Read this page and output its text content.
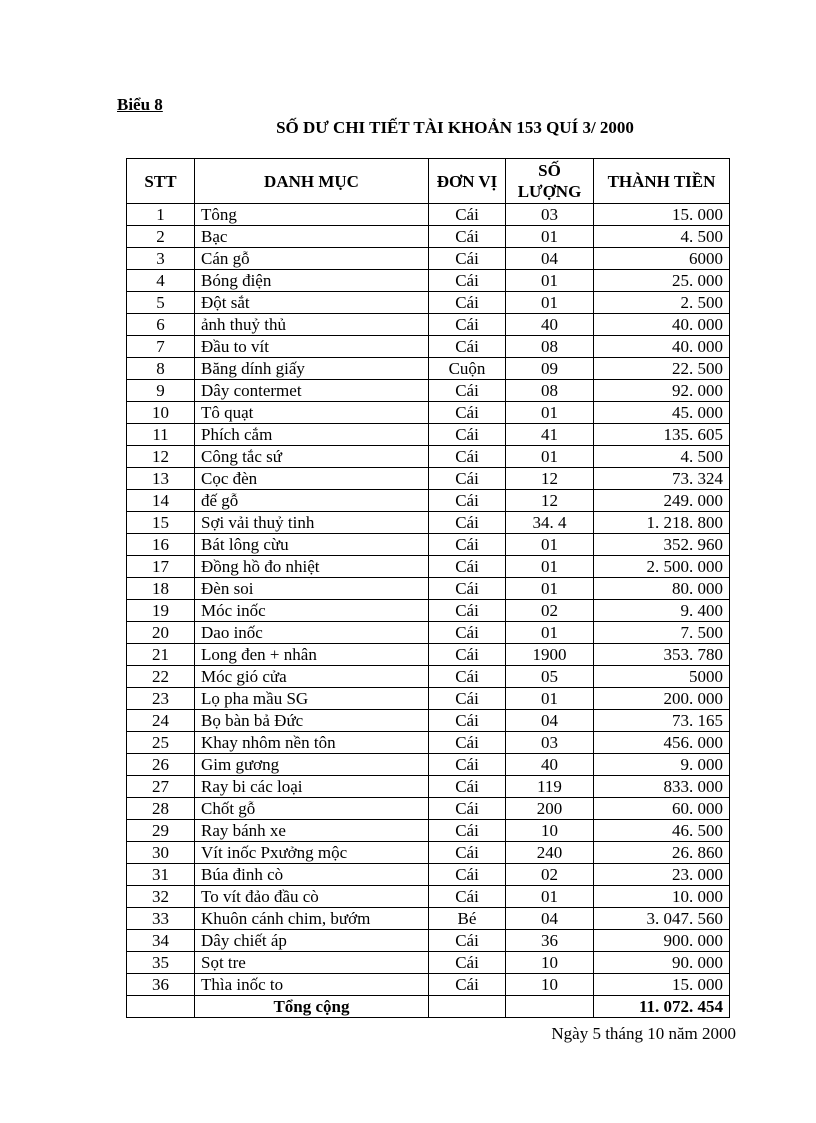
Biểu 8
SỐ DƯ CHI TIẾT TÀI KHOẢN 153 QUÍ 3/ 2000
STT	DANH MỤC	ĐƠN VỊ	SỐ LƯỢNG	THÀNH TIỀN
1	Tông	Cái	03	15. 000
2	Bạc	Cái	01	4. 500
3	Cán gỗ	Cái	04	6000
4	Bóng điện	Cái	01	25. 000
5	Đột sắt	Cái	01	2. 500
6	ảnh thuỷ thủ	Cái	40	40. 000
7	Đầu to vít	Cái	08	40. 000
8	Băng dính giấy	Cuộn	09	22. 500
9	Dây contermet	Cái	08	92. 000
10	Tô quạt	Cái	01	45. 000
11	Phích cắm	Cái	41	135. 605
12	Công tắc sứ	Cái	01	4. 500
13	Cọc đèn	Cái	12	73. 324
14	đế gỗ	Cái	12	249. 000
15	Sợi vải thuỷ tinh	Cái	34. 4	1. 218. 800
16	Bát lông cừu	Cái	01	352. 960
17	Đồng hồ đo nhiệt	Cái	01	2. 500. 000
18	Đèn soi	Cái	01	80. 000
19	Móc inốc	Cái	02	9. 400
20	Dao inốc	Cái	01	7. 500
21	Long đen + nhân	Cái	1900	353. 780
22	Móc gió cửa	Cái	05	5000
23	Lọ pha mầu SG	Cái	01	200. 000
24	Bọ bàn bả Đức	Cái	04	73. 165
25	Khay nhôm nền tôn	Cái	03	456. 000
26	Gim gương	Cái	40	9. 000
27	Ray bi các loại	Cái	119	833. 000
28	Chốt gỗ	Cái	200	60. 000
29	Ray bánh xe	Cái	10	46. 500
30	Vít inốc Pxưởng mộc	Cái	240	26. 860
31	Búa đinh cò	Cái	02	23. 000
32	To vít đảo đầu cò	Cái	01	10. 000
33	Khuôn cánh chim, bướm	Bé	04	3. 047. 560
34	Dây chiết áp	Cái	36	900. 000
35	Sọt tre	Cái	10	90. 000
36	Thìa inốc to	Cái	10	15. 000
	Tổng cộng			11. 072. 454
Ngày 5 tháng 10 năm 2000
